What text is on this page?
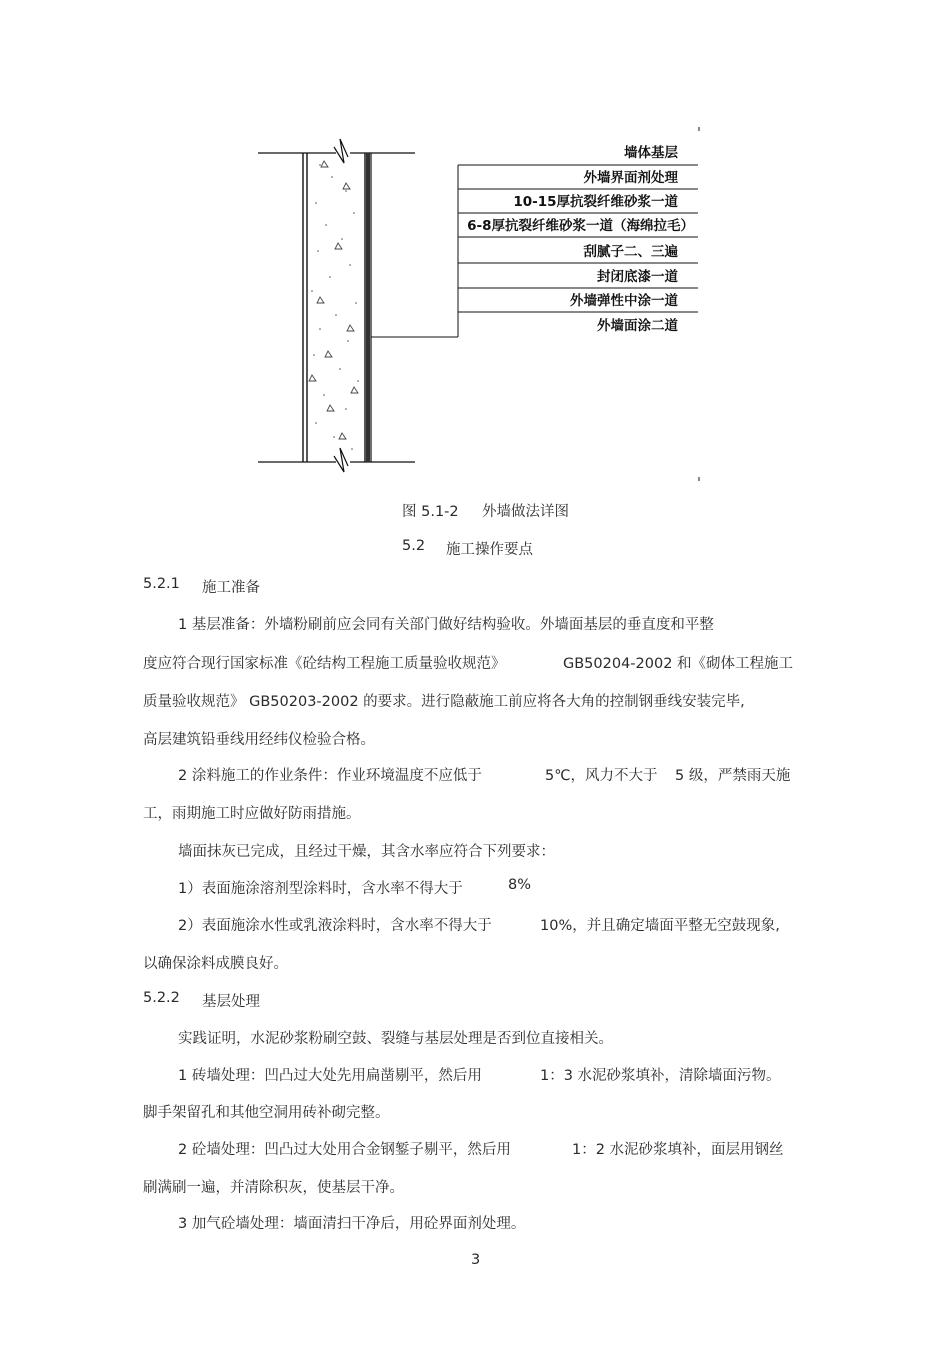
墙体基层
外墙界面剂处理
10-15厚抗裂纤维砂浆一道
6-8厚抗裂纤维砂浆一道（海绵拉毛）
刮腻子二、三遍
封闭底漆一道
外墙弹性中涂一道
外墙面涂二道
图 5.1-2 外墙做法详图
5.2 施工操作要点
5.2.1 施工准备
1 基层准备：外墙粉刷前应会同有关部门做好结构验收。外墙面基层的垂直度和平整
度应符合现行国家标准《砼结构工程施工质量验收规范》	GB50204-2002 和《砌体工程施工
质量验收规范》 GB50203-2002 的要求。进行隐蔽施工前应将各大角的控制钢垂线安装完毕,
高层建筑铅垂线用经纬仪检验合格。
2 涂料施工的作业条件：作业环境温度不应低于	5℃，风力不大于 5 级，严禁雨天施
工，雨期施工时应做好防雨措施。
墙面抹灰已完成，且经过干燥，其含水率应符合下列要求：
1）表面施涂溶剂型涂料时，含水率不得大于	8%
2）表面施涂水性或乳液涂料时，含水率不得大于	10%，并且确定墙面平整无空鼓现象,
以确保涂料成膜良好。
5.2.2 基层处理
实践证明，水泥砂浆粉刷空鼓、裂缝与基层处理是否到位直接相关。
1 砖墙处理：凹凸过大处先用扁凿剔平，然后用	1：3 水泥砂浆填补，清除墙面污物。
脚手架留孔和其他空洞用砖补砌完整。
2 砼墙处理：凹凸过大处用合金钢錾子剔平，然后用	1：2 水泥砂浆填补，面层用钢丝
刷满刷一遍，并清除积灰，使基层干净。
3 加气砼墙处理：墙面清扫干净后，用砼界面剂处理。
3
